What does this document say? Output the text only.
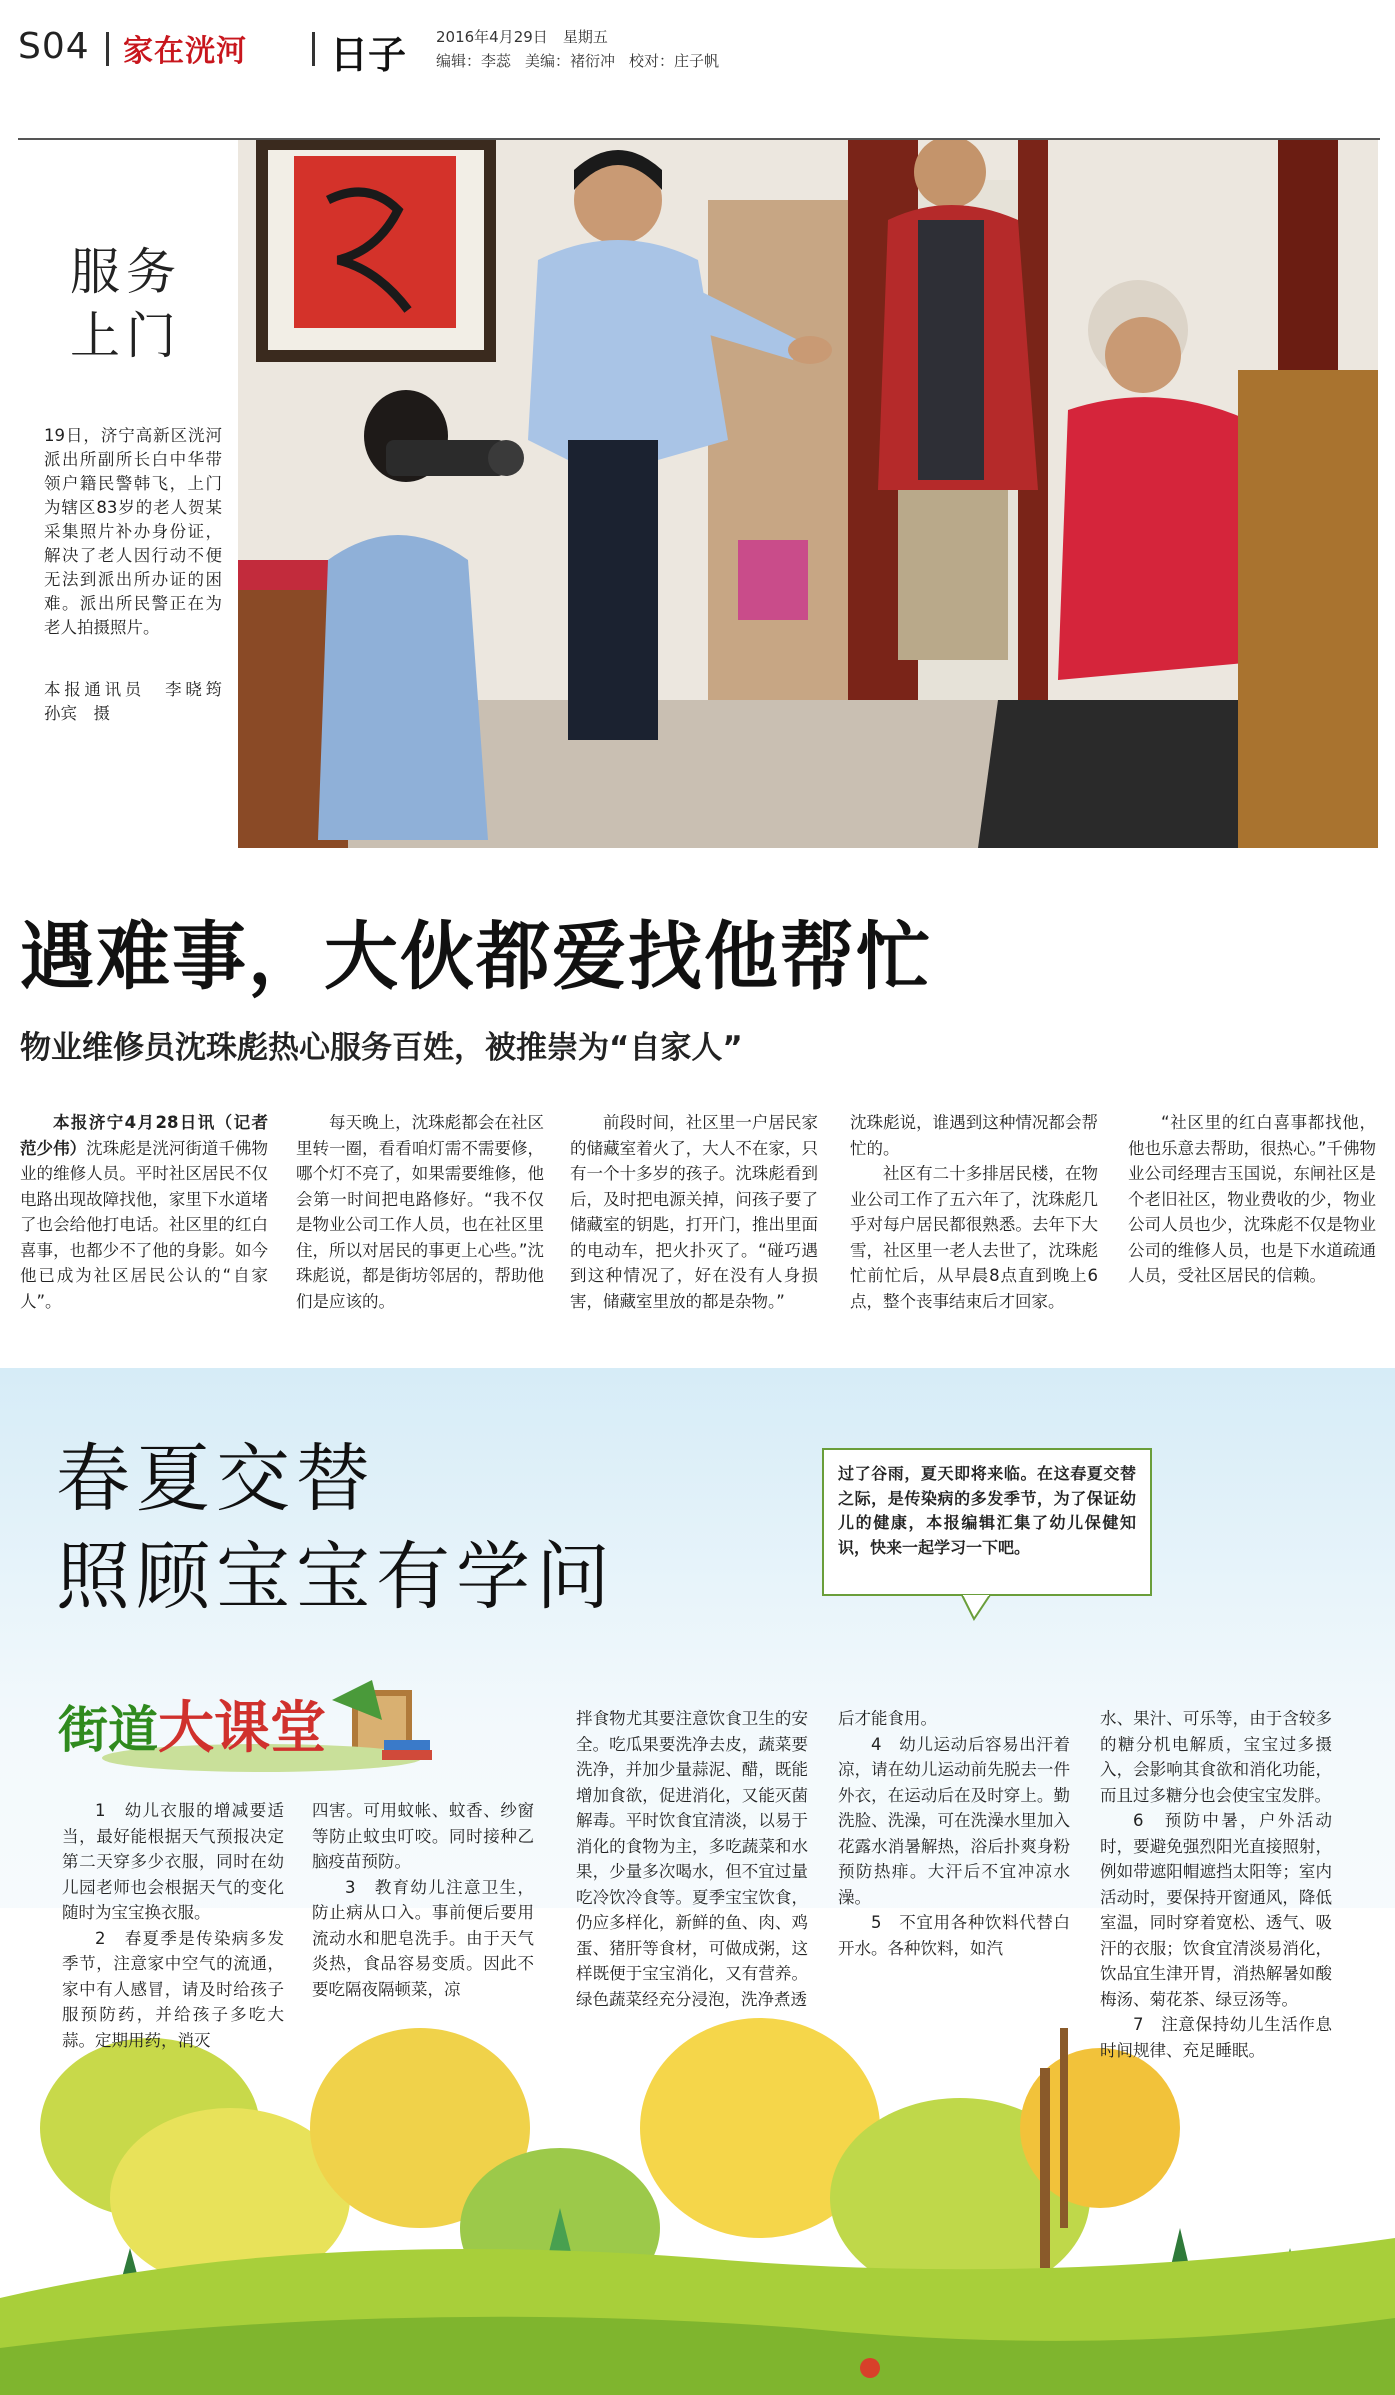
S04 家在洸河 日子 2016年4月29日　 星期五
编辑：李蕊 美编：褚衍冲 校对：庄子帆
服务
上门
19日，济宁高新区洸河派出所副所长白中华带领户籍民警韩飞，上门为辖区83岁的老人贺某采集照片补办身份证，解决了老人因行动不便无法到派出所办证的困难。派出所民警正在为老人拍摄照片。
本报通讯员　李晓筠　孙宾　摄
遇难事，大伙都爱找他帮忙
物业维修员沈珠彪热心服务百姓，被推崇为“自家人”

本报济宁4月28日讯（记者　范少伟）沈珠彪是洸河街道千佛物业的维修人员。平时社区居民不仅电路出现故障找他，家里下水道堵了也会给他打电话。社区里的红白喜事，也都少不了他的身影。如今他已成为社区居民公认的“自家人”。

每天晚上，沈珠彪都会在社区里转一圈，看看咱灯需不需要修，哪个灯不亮了，如果需要维修，他会第一时间把电路修好。“我不仅是物业公司工作人员，也在社区里住，所以对居民的事更上心些。”沈珠彪说，都是街坊邻居的，帮助他们是应该的。

前段时间，社区里一户居民家的储藏室着火了，大人不在家，只有一个十多岁的孩子。沈珠彪看到后，及时把电源关掉，问孩子要了储藏室的钥匙，打开门，推出里面的电动车，把火扑灭了。“碰巧遇到这种情况了，好在没有人身损害，储藏室里放的都是杂物。”

沈珠彪说，谁遇到这种情况都会帮忙的。

社区有二十多排居民楼，在物业公司工作了五六年了，沈珠彪几乎对每户居民都很熟悉。去年下大雪，社区里一老人去世了，沈珠彪忙前忙后，从早晨8点直到晚上6点，整个丧事结束后才回家。

“社区里的红白喜事都找他，他也乐意去帮助，很热心。”千佛物业公司经理吉玉国说，东闸社区是个老旧社区，物业费收的少，物业公司人员也少，沈珠彪不仅是物业公司的维修人员，也是下水道疏通人员，受社区居民的信赖。

春夏交替
照顾宝宝有学问
过了谷雨，夏天即将来临。在这春夏交替之际，是传染病的多发季节，为了保证幼儿的健康，本报编辑汇集了幼儿保健知识，快来一起学习一下吧。
街道大课堂

1　幼儿衣服的增减要适当，最好能根据天气预报决定第二天穿多少衣服，同时在幼儿园老师也会根据天气的变化随时为宝宝换衣服。

2　春夏季是传染病多发季节，注意家中空气的流通，家中有人感冒，请及时给孩子服预防药，并给孩子多吃大蒜。定期用药，消灭

四害。可用蚊帐、蚊香、纱窗等防止蚊虫叮咬。同时接种乙脑疫苗预防。

3　教育幼儿注意卫生，防止病从口入。事前便后要用流动水和肥皂洗手。由于天气炎热，食品容易变质。因此不要吃隔夜隔顿菜，凉

拌食物尤其要注意饮食卫生的安全。吃瓜果要洗净去皮，蔬菜要洗净，并加少量蒜泥、醋，既能增加食欲，促进消化，又能灭菌解毒。平时饮食宜清淡，以易于消化的食物为主，多吃蔬菜和水果，少量多次喝水，但不宜过量吃冷饮冷食等。夏季宝宝饮食，仍应多样化，新鲜的鱼、肉、鸡蛋、猪肝等食材，可做成粥，这样既便于宝宝消化，又有营养。绿色蔬菜经充分浸泡，洗净煮透

后才能食用。

4　幼儿运动后容易出汗着凉，请在幼儿运动前先脱去一件外衣，在运动后在及时穿上。勤洗脸、洗澡，可在洗澡水里加入花露水消暑解热，浴后扑爽身粉预防热痱。大汗后不宜冲凉水澡。

5　不宜用各种饮料代替白开水。各种饮料，如汽

水、果汁、可乐等，由于含较多的糖分机电解质，宝宝过多摄入，会影响其食欲和消化功能，而且过多糖分也会使宝宝发胖。

6　预防中暑，户外活动时，要避免强烈阳光直接照射，例如带遮阳帽遮挡太阳等；室内活动时，要保持开窗通风，降低室温，同时穿着宽松、透气、吸汗的衣服；饮食宜清淡易消化，饮品宜生津开胃，消热解暑如酸梅汤、菊花茶、绿豆汤等。

7　注意保持幼儿生活作息时间规律、充足睡眠。
